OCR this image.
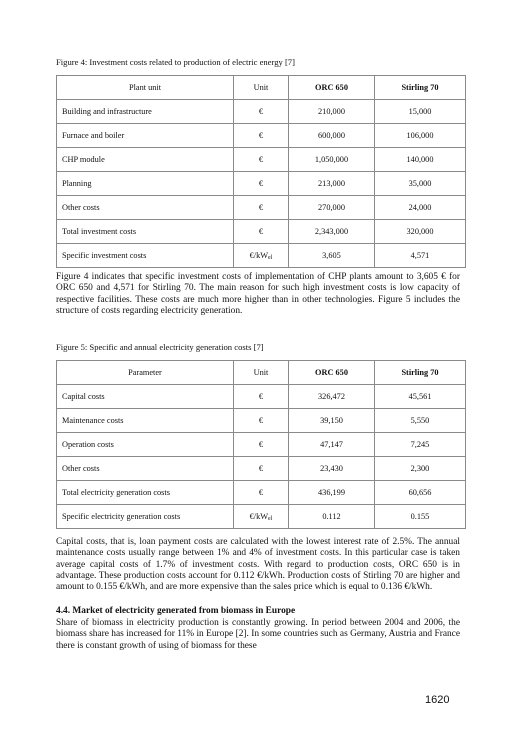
Figure 4: Investment costs related to production of electric energy [7]
Plant unit	Unit	ORC 650	Stirling 70
Building and infrastructure	€	210,000	15,000
Furnace and boiler	€	600,000	106,000
CHP module	€	1,050,000	140,000
Planning	€	213,000	35,000
Other costs	€	270,000	24,000
Total investment costs	€	2,343,000	320,000
Specific investment costs	$€/kW_{el}$	3,605	4,571

Figure 4 indicates that specific investment costs of implementation of CHP plants amount to 3,605 € for ORC 650 and 4,571 for Stirling 70. The main reason for such high investment costs is low capacity of respective facilities. These costs are much more higher than in other technologies. Figure 5 includes the structure of costs regarding electricity generation.

Figure 5: Specific and annual electricity generation costs [7]
Parameter	Unit	ORC 650	Stirling 70
Capital costs	€	326,472	45,561
Maintenance costs	€	39,150	5,550
Operation costs	€	47,147	7,245
Other costs	€	23,430	2,300
Total electricity generation costs	€	436,199	60,656
Specific electricity generation costs	$€/kW_{el}$	0.112	0.155

Capital costs, that is, loan payment costs are calculated with the lowest interest rate of 2.5%. The annual maintenance costs usually range between 1% and 4% of investment costs. In this particular case is taken average capital costs of 1.7% of investment costs. With regard to production costs, ORC 650 is in advantage. These production costs account for 0.112 €/kWh. Production costs of Stirling 70 are higher and amount to 0.155 €/kWh, and are more expensive than the sales price which is equal to 0.136 €/kWh.

4.4. Market of electricity generated from biomass in Europe

Share of biomass in electricity production is constantly growing. In period between 2004 and 2006, the biomass share has increased for 11% in Europe [2]. In some countries such as Germany, Austria and France there is constant growth of using of biomass for these

1620
